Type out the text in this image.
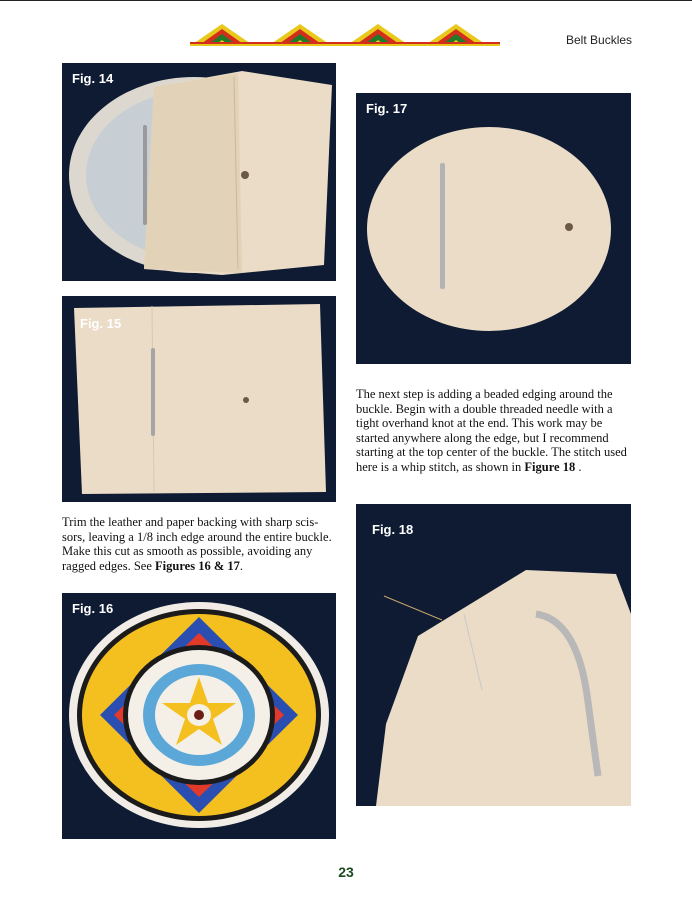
Belt Buckles
Fig. 14
Fig. 15
Fig. 16
Fig. 17
Fig. 18
Trim the leather and paper backing with sharp scis-sors, leaving a 1/8 inch edge around the entire buckle. Make this cut as smooth as possible, avoiding any ragged edges. See Figures 16 & 17.
The next step is adding a beaded edging around the buckle. Begin with a double threaded needle with a tight overhand knot at the end. This work may be started anywhere along the edge, but I recommend starting at the top center of the buckle. The stitch used here is a whip stitch, as shown in Figure 18 .
23
